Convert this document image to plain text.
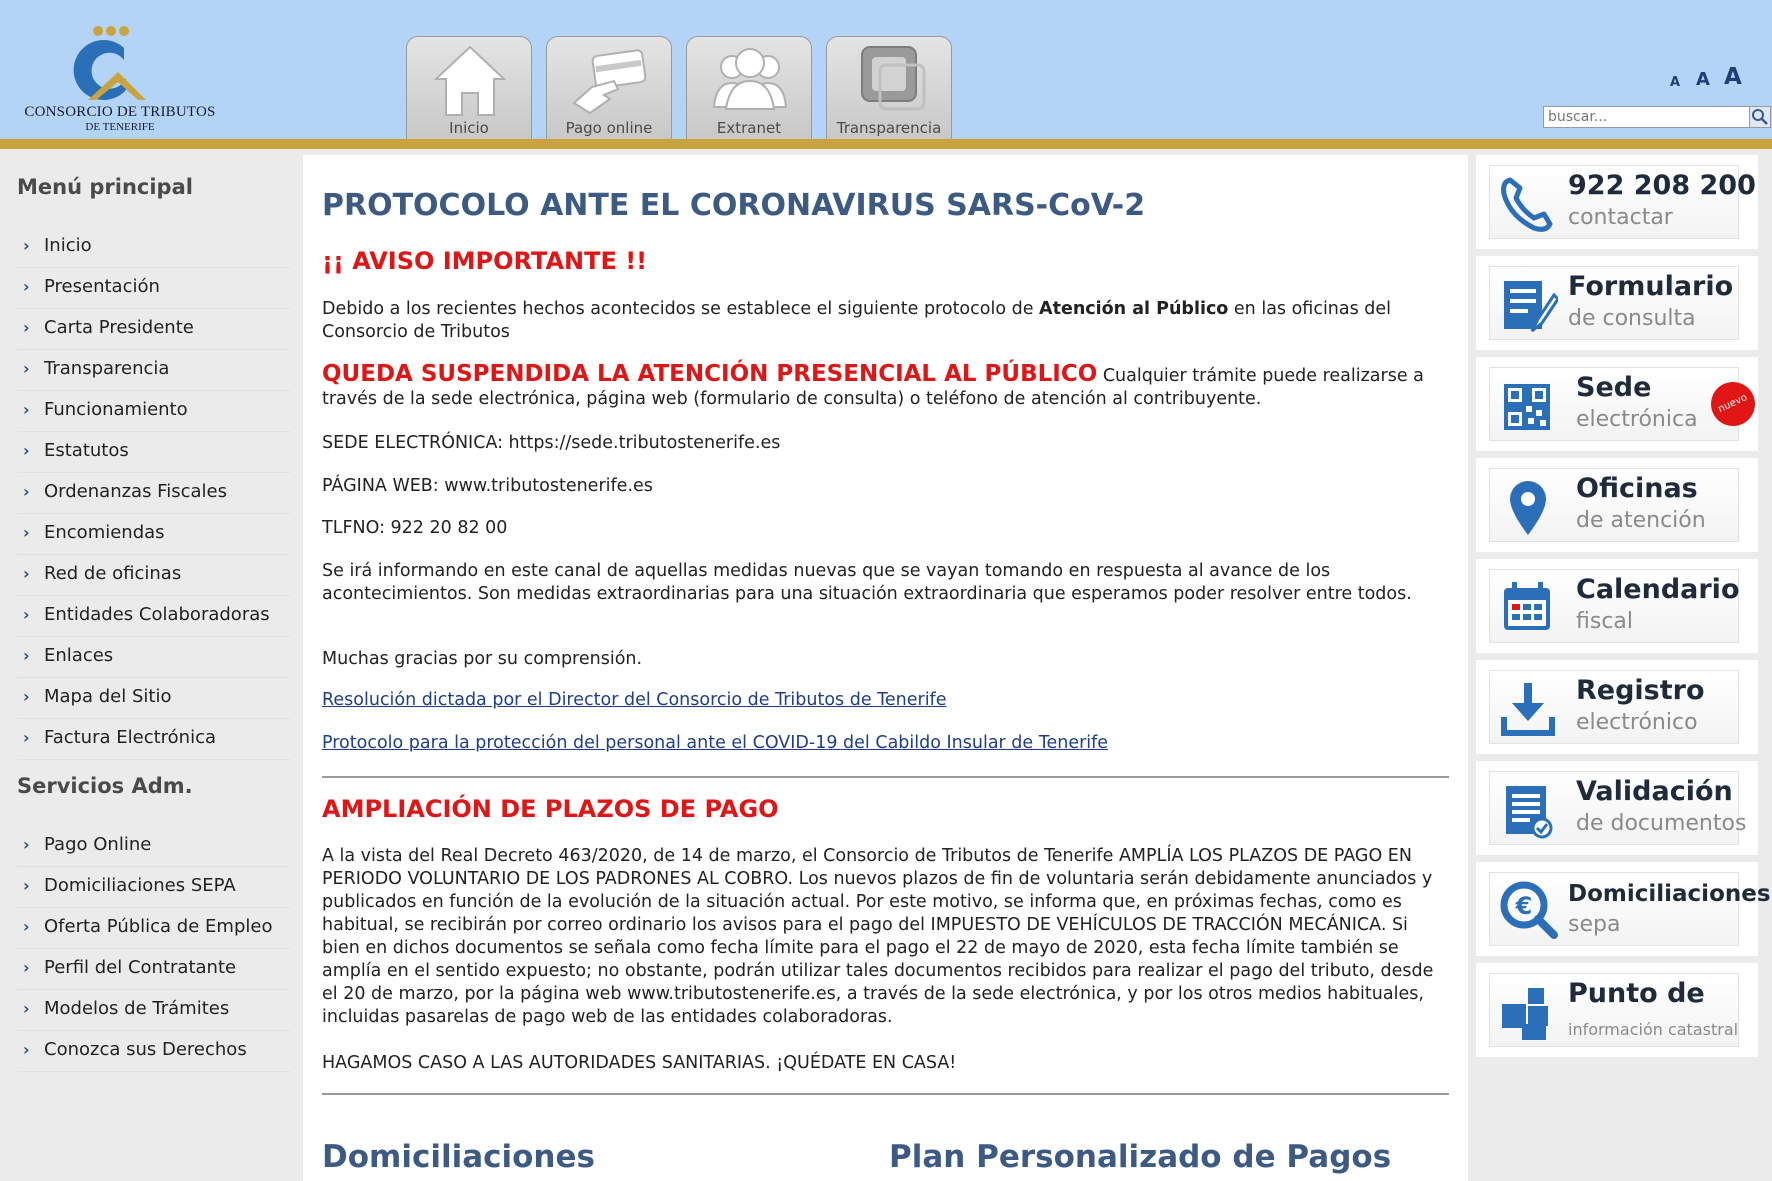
CONSORCIO DE TRIBUTOS
DE TENERIFE	Inicio	Pago online	Extranet	Transparencia
A A A
buscar...
Menú principal
› Inicio
› Presentación
› Carta Presidente
› Transparencia
› Funcionamiento
› Estatutos
› Ordenanzas Fiscales
› Encomiendas
› Red de oficinas
› Entidades Colaboradoras
› Enlaces
› Mapa del Sitio
› Factura Electrónica
Servicios Adm.
› Pago Online
› Domiciliaciones SEPA
› Oferta Pública de Empleo
› Perfil del Contratante
› Modelos de Trámites
› Conozca sus Derechos
PROTOCOLO ANTE EL CORONAVIRUS SARS-CoV-2
¡¡ AVISO IMPORTANTE !!
Debido a los recientes hechos acontecidos se establece el siguiente protocolo de Atención al Público en las oficinas del Consorcio de Tributos
QUEDA SUSPENDIDA LA ATENCIÓN PRESENCIAL AL PÚBLICO Cualquier trámite puede realizarse a través de la sede electrónica, página web (formulario de consulta) o teléfono de atención al contribuyente.
SEDE ELECTRÓNICA: https://sede.tributostenerife.es
PÁGINA WEB: www.tributostenerife.es
TLFNO: 922 20 82 00
Se irá informando en este canal de aquellas medidas nuevas que se vayan tomando en respuesta al avance de los acontecimientos. Son medidas extraordinarias para una situación extraordinaria que esperamos poder resolver entre todos.
Muchas gracias por su comprensión.
Resolución dictada por el Director del Consorcio de Tributos de Tenerife
Protocolo para la protección del personal ante el COVID-19 del Cabildo Insular de Tenerife
AMPLIACIÓN DE PLAZOS DE PAGO
A la vista del Real Decreto 463/2020, de 14 de marzo, el Consorcio de Tributos de Tenerife AMPLÍA LOS PLAZOS DE PAGO EN PERIODO VOLUNTARIO DE LOS PADRONES AL COBRO. Los nuevos plazos de fin de voluntaria serán debidamente anunciados y publicados en función de la evolución de la situación actual. Por este motivo, se informa que, en próximas fechas, como es habitual, se recibirán por correo ordinario los avisos para el pago del IMPUESTO DE VEHÍCULOS DE TRACCIÓN MECÁNICA. Si bien en dichos documentos se señala como fecha límite para el pago el 22 de mayo de 2020, esta fecha límite también se amplía en el sentido expuesto; no obstante, podrán utilizar tales documentos recibidos para realizar el pago del tributo, desde el 20 de marzo, por la página web www.tributostenerife.es, a través de la sede electrónica, y por los otros medios habituales, incluidas pasarelas de pago web de las entidades colaboradoras.
HAGAMOS CASO A LAS AUTORIDADES SANITARIAS. ¡QUÉDATE EN CASA!
Domiciliaciones	Plan Personalizado de Pagos
922 208 200
contactar
Formulario
de consulta
Sede
electrónica
nuevo
Oficinas
de atención
Calendario
fiscal
Registro
electrónico
Validación
de documentos
€ Domiciliaciones
sepa
Punto de
información catastral
